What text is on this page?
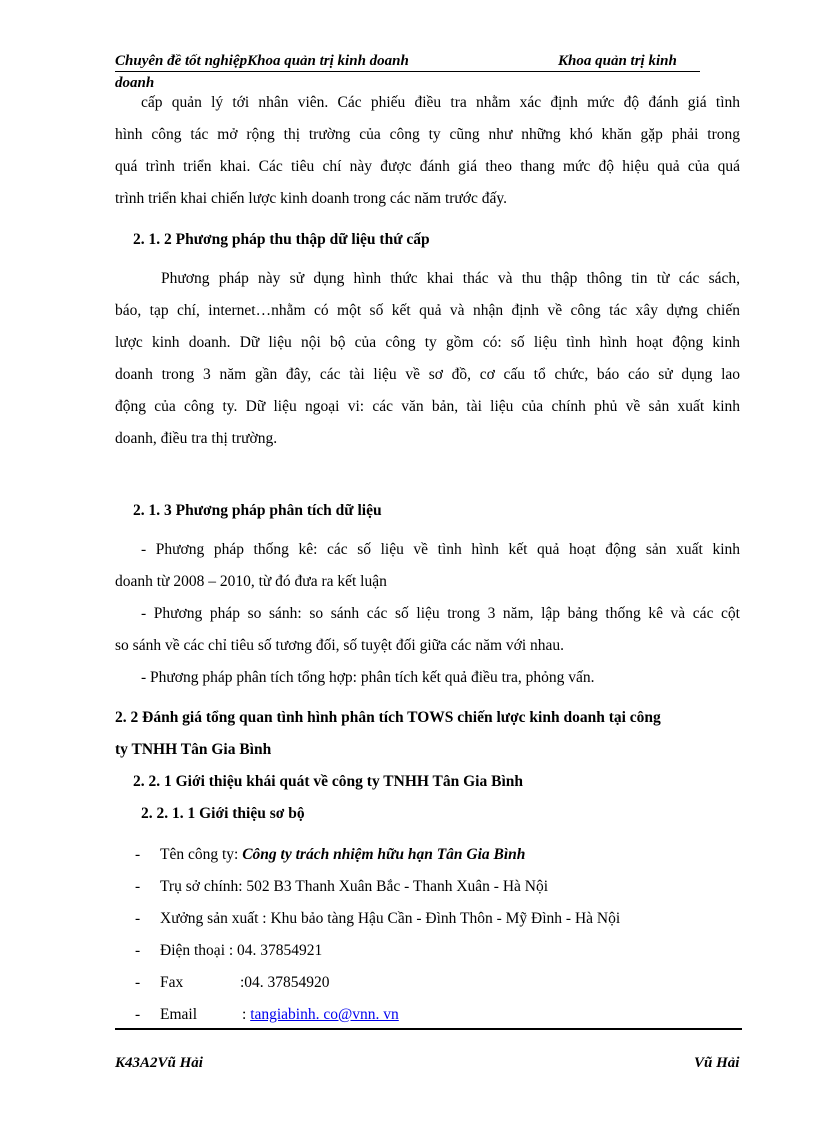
Chuyên đề tốt nghiệpKhoa quản trị kinh doanh	Khoa quản trị kinh
doanh
cấp quản lý tới nhân viên. Các phiếu điều tra nhằm xác định mức độ đánh giá tình
hình công tác mở rộng thị trường của công ty cũng như những khó khăn gặp phải trong
quá trình triển khai. Các tiêu chí này được đánh giá theo thang mức độ hiệu quả của quá
trình triển khai chiến lược kinh doanh trong các năm trước đấy.
2. 1. 2 Phương pháp thu thập dữ liệu thứ cấp
Phương pháp này sử dụng hình thức khai thác và thu thập thông tin từ các sách,
báo, tạp chí, internet…nhằm có một số kết quả và nhận định về công tác xây dựng chiến
lược kinh doanh. Dữ liệu nội bộ của công ty gồm có: số liệu tình hình hoạt động kinh
doanh trong 3 năm gần đây, các tài liệu về sơ đồ, cơ cấu tổ chức, báo cáo sử dụng lao
động của công ty. Dữ liệu ngoại vi: các văn bản, tài liệu của chính phủ về sản xuất kinh
doanh, điều tra thị trường.
2. 1. 3 Phương pháp phân tích dữ liệu
- Phương pháp thống kê: các số liệu về tình hình kết quả hoạt động sản xuất kinh
doanh từ 2008 – 2010, từ đó đưa ra kết luận
- Phương pháp so sánh: so sánh các số liệu trong 3 năm, lập bảng thống kê và các cột
so sánh về các chỉ tiêu số tương đối, số tuyệt đối giữa các năm với nhau.
- Phương pháp phân tích tổng hợp: phân tích kết quả điều tra, phỏng vấn.
2. 2 Đánh giá tổng quan tình hình phân tích TOWS chiến lược kinh doanh tại công
ty TNHH Tân Gia Bình
2. 2. 1 Giới thiệu khái quát về công ty TNHH Tân Gia Bình
2. 2. 1. 1 Giới thiệu sơ bộ
- Tên công ty: Công ty trách nhiệm hữu hạn Tân Gia Bình
- Trụ sở chính: 502 B3 Thanh Xuân Bắc - Thanh Xuân - Hà Nội
- Xưởng sản xuất : Khu bảo tàng Hậu Cần - Đình Thôn - Mỹ Đình - Hà Nội
- Điện thoại : 04. 37854921
- Fax	:04. 37854920
- Email	: tangiabinh. co@vnn. vn
K43A2Vũ Hải	Vũ Hải
